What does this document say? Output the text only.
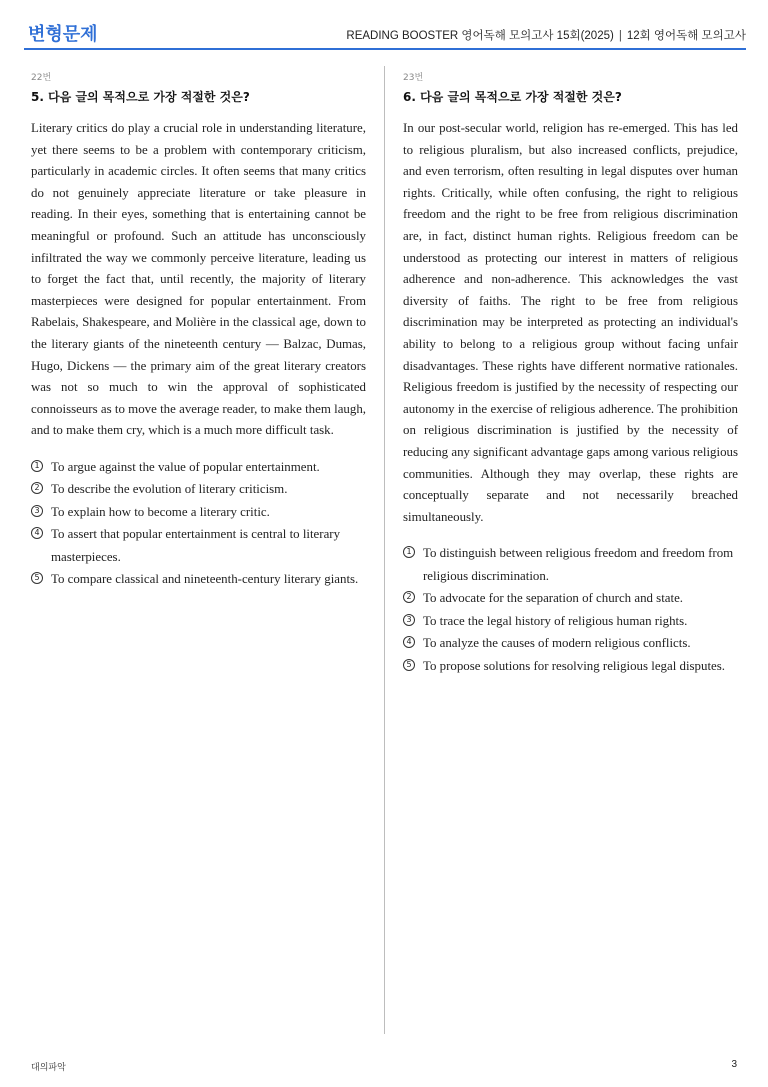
변형문제	READING BOOSTER 영어독해 모의고사 15회(2025) | 12회 영어독해 모의고사
22번
5. 다음 글의 목적으로 가장 적절한 것은?

Literary critics do play a crucial role in understanding literature, yet there seems to be a problem with contemporary criticism, particularly in academic circles. It often seems that many critics do not genuinely appreciate literature or take pleasure in reading. In their eyes, something that is entertaining cannot be meaningful or profound. Such an attitude has unconsciously infiltrated the way we commonly perceive literature, leading us to forget the fact that, until recently, the majority of literary masterpieces were designed for popular entertainment. From Rabelais, Shakespeare, and Molière in the classical age, down to the literary giants of the nineteenth century — Balzac, Dumas, Hugo, Dickens — the primary aim of the great literary creators was not so much to win the approval of sophisticated connoisseurs as to move the average reader, to make them laugh, and to make them cry, which is a much more difficult task.

1 To argue against the value of popular entertainment.
2 To describe the evolution of literary criticism.
3 To explain how to become a literary critic.
4 To assert that popular entertainment is central to literary masterpieces.
5 To compare classical and nineteenth-century literary giants.
23번
6. 다음 글의 목적으로 가장 적절한 것은?

In our post-secular world, religion has re-emerged. This has led to religious pluralism, but also increased conflicts, prejudice, and even terrorism, often resulting in legal disputes over human rights. Critically, while often confusing, the right to religious freedom and the right to be free from religious discrimination are, in fact, distinct human rights. Religious freedom can be understood as protecting our interest in matters of religious adherence and non-adherence. This acknowledges the vast diversity of faiths. The right to be free from religious discrimination may be interpreted as protecting an individual's ability to belong to a religious group without facing unfair disadvantages. These rights have different normative rationales. Religious freedom is justified by the necessity of respecting our autonomy in the exercise of religious adherence. The prohibition on religious discrimination is justified by the necessity of reducing any significant advantage gaps among various religious communities. Although they may overlap, these rights are conceptually separate and not necessarily breached simultaneously.

1 To distinguish between religious freedom and freedom from religious discrimination.
2 To advocate for the separation of church and state.
3 To trace the legal history of religious human rights.
4 To analyze the causes of modern religious conflicts.
5 To propose solutions for resolving religious legal disputes.
대의파악	3
